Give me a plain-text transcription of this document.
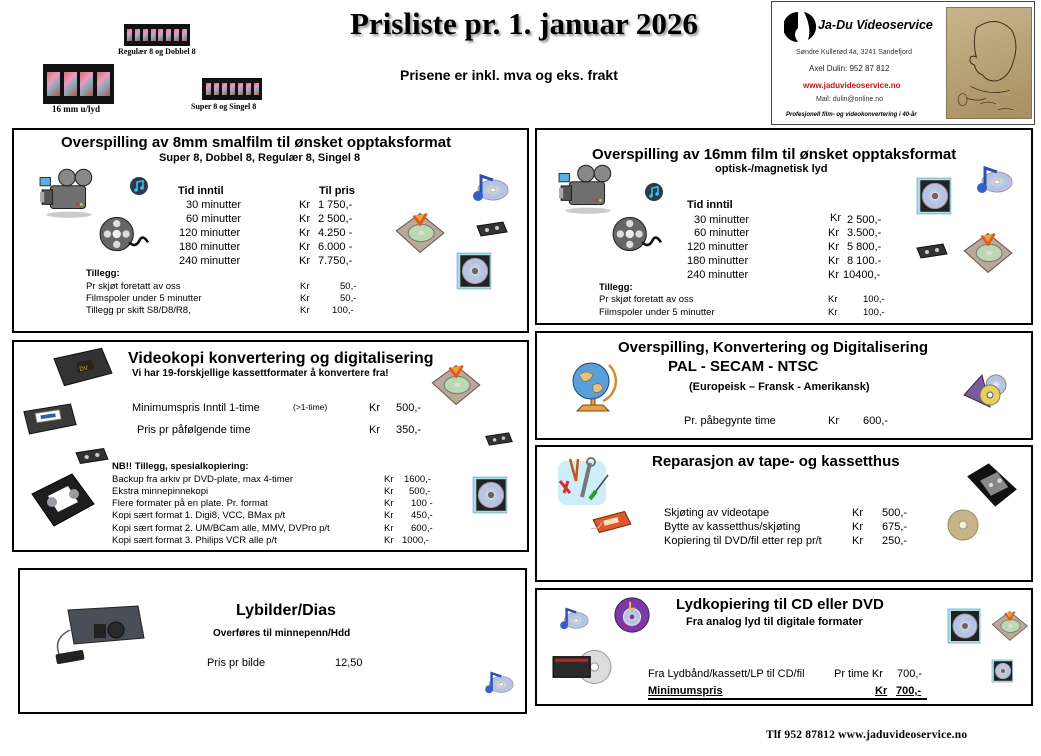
Prisliste pr. 1. januar 2026
Prisene er inkl. mva og eks. frakt
Regulær 8 og Dobbel 8
16 mm u/lyd	Super 8 og Singel 8
Ja-Du Videoservice
Søndre Kullerød 4a, 3241 Sandefjord
Axel Dulin: 952 87 812
www.jaduvideoservice.no
Mail: dulin@online.no
Profesjonell film- og videokonvertering i 40-år
Overspilling av 8mm smalfilm til ønsket opptaksformat
Super 8, Dobbel 8, Regulær 8, Singel 8
Tid inntil	Til pris
30 minutter	Kr 1 750,-
60 minutter	Kr 2 500,-
120 minutter	Kr 4.250 -
180 minutter	Kr 6.000 -
240 minutter	Kr 7.750,-
Tillegg:
Pr skjøt foretatt av oss	Kr	50,-
Filmspoler under 5 minutter	Kr	50,-
Tillegg pr skift S8/D8/R8,	Kr 100,-
Overspilling av 16mm film til ønsket opptaksformat
optisk-/magnetisk lyd
Tid inntil
30 minutter	Kr 2 500,-
60 minutter	Kr 3.500,-
120 minutter	Kr 5 800,-
180 minutter	Kr 8 100.-
240 minutter	Kr 10400,-
Tillegg:
Pr skjøt foretatt av oss	Kr	100,-
Filmspoler under 5 minutter	Kr	100,-
Videokopi konvertering og digitalisering
Vi har 19-forskjellige kassettformater å konvertere fra!
Minimumspris Inntil 1-time	(>1-time)	Kr 500,-
Pris pr påfølgende time	Kr 350,-
NB!! Tillegg, spesialkopiering:
Backup fra arkiv pr DVD-plate, max 4-timer	Kr 1600,-
Ekstra minnepinnekopi	Kr 500,-
Flere formater på en plate. Pr. format	Kr 100 -
Kopi sært format 1. Digi8, VCC, BMax p/t	Kr 450,-
Kopi sært format 2. UM/BCam alle, MMV, DVPro p/t	Kr 600,-
Kopi sært format 3. Philips VCR alle p/t	Kr 1000,-
Overspilling, Konvertering og Digitalisering
PAL - SECAM - NTSC
(Europeisk – Fransk - Amerikansk)
Pr. påbegynte time	Kr 600,-
Reparasjon av tape- og kassetthus
Skjøting av videotape	Kr 500,-
Bytte av kassetthus/skjøting	Kr 675,-
Kopiering til DVD/fil etter rep pr/t	Kr 250,-
Lybilder/Dias
Overføres til minnepenn/Hdd
Pris pr bilde	12,50
Lydkopiering til CD eller DVD
Fra analog lyd til digitale formater
Fra Lydbånd/kassett/LP til CD/fil	Pr time Kr 700,-
Minimumspris	Kr 700,-
Tlf 952 87812 www.jaduvideoservice.no
